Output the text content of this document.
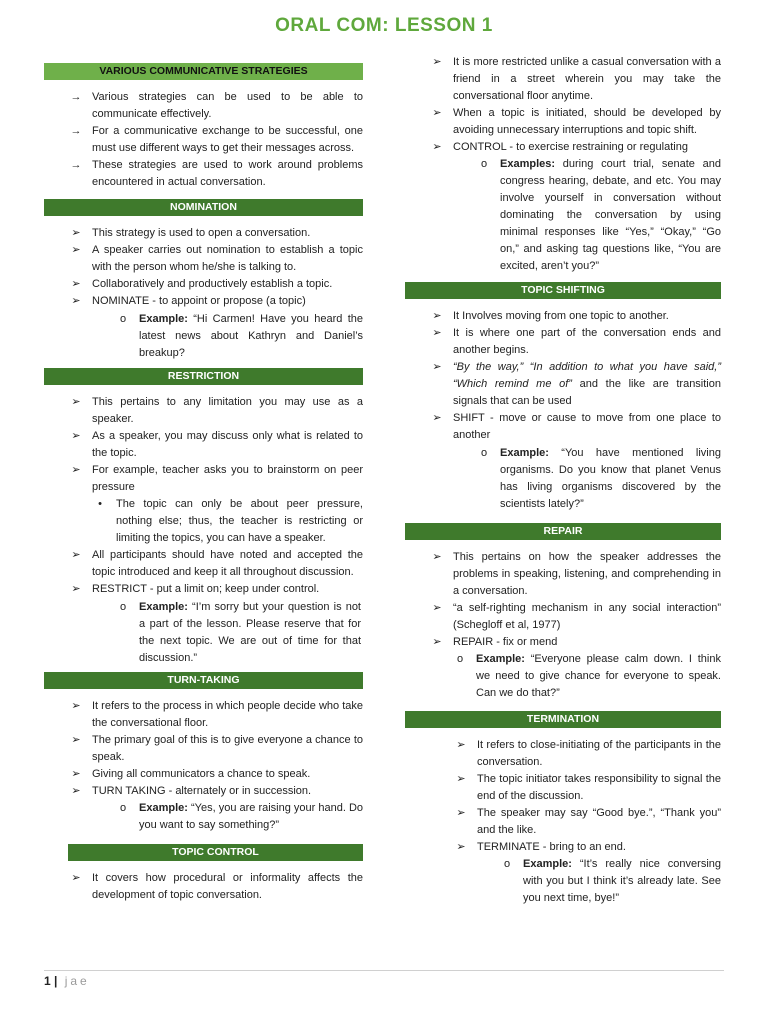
ORAL COM: LESSON 1
VARIOUS COMMUNICATIVE STRATEGIES
→ Various strategies can be used to be able to communicate effectively.
→ For a communicative exchange to be successful, one must use different ways to get their messages across.
→ These strategies are used to work around problems encountered in actual conversation.
NOMINATION
➢	This strategy is used to open a conversation.
➢	A speaker carries out nomination to establish a topic with the person whom he/she is talking to.
➢	Collaboratively and productively establish a topic.
➢	NOMINATE - to appoint or propose (a topic)
o Example: “Hi Carmen! Have you heard the latest news about Kathryn and Daniel’s breakup?
RESTRICTION
➢	This pertains to any limitation you may use as a speaker.
➢	As a speaker, you may discuss only what is related to the topic.
➢	For example, teacher asks you to brainstorm on peer pressure
•	The topic can only be about peer pressure, nothing else; thus, the teacher is restricting or limiting the topics, you can have a speaker.
➢	All participants should have noted and accepted the topic introduced and keep it all throughout discussion.
➢	RESTRICT - put a limit on; keep under control.
o Example: “I’m sorry but your question is not a part of the lesson. Please reserve that for the next topic. We are out of time for that discussion.”
TURN-TAKING
➢	It refers to the process in which people decide who take the conversational floor.
➢	The primary goal of this is to give everyone a chance to speak.
➢	Giving all communicators a chance to speak.
➢	TURN TAKING - alternately or in succession.
o Example: “Yes, you are raising your hand. Do you want to say something?”
TOPIC CONTROL
➢	It covers how procedural or informality affects the development of topic conversation.
➢	It is more restricted unlike a casual conversation with a friend in a street wherein you may take the conversational floor anytime.
➢	When a topic is initiated, should be developed by avoiding unnecessary interruptions and topic shift.
➢	CONTROL - to exercise restraining or regulating
o Examples: during court trial, senate and congress hearing, debate, and etc. You may involve yourself in conversation without dominating the conversation by using minimal responses like “Yes,” “Okay,” “Go on,” and asking tag questions like, “You are excited, aren’t you?”
TOPIC SHIFTING
➢	It Involves moving from one topic to another.
➢	It is where one part of the conversation ends and another begins.
➢	“By the way,” “In addition to what you have said,” “Which remind me of” and the like are transition signals that can be used
➢	SHIFT - move or cause to move from one place to another
o Example: “You have mentioned living organisms. Do you know that planet Venus has living organisms discovered by the scientists lately?”
REPAIR
➢	This pertains on how the speaker addresses the problems in speaking, listening, and comprehending in a conversation.
➢	“a self-righting mechanism in any social interaction” (Schegloff et al, 1977)
➢	REPAIR - fix or mend
o Example: “Everyone please calm down. I think we need to give chance for everyone to speak. Can we do that?”
TERMINATION
➢	It refers to close-initiating of the participants in the conversation.
➢	The topic initiator takes responsibility to signal the end of the discussion.
➢	The speaker may say “Good bye.”, “Thank you” and the like.
➢	TERMINATE - bring to an end.
o Example: “It’s really nice conversing with you but I think it’s already late. See you next time, bye!”
1 | jae
